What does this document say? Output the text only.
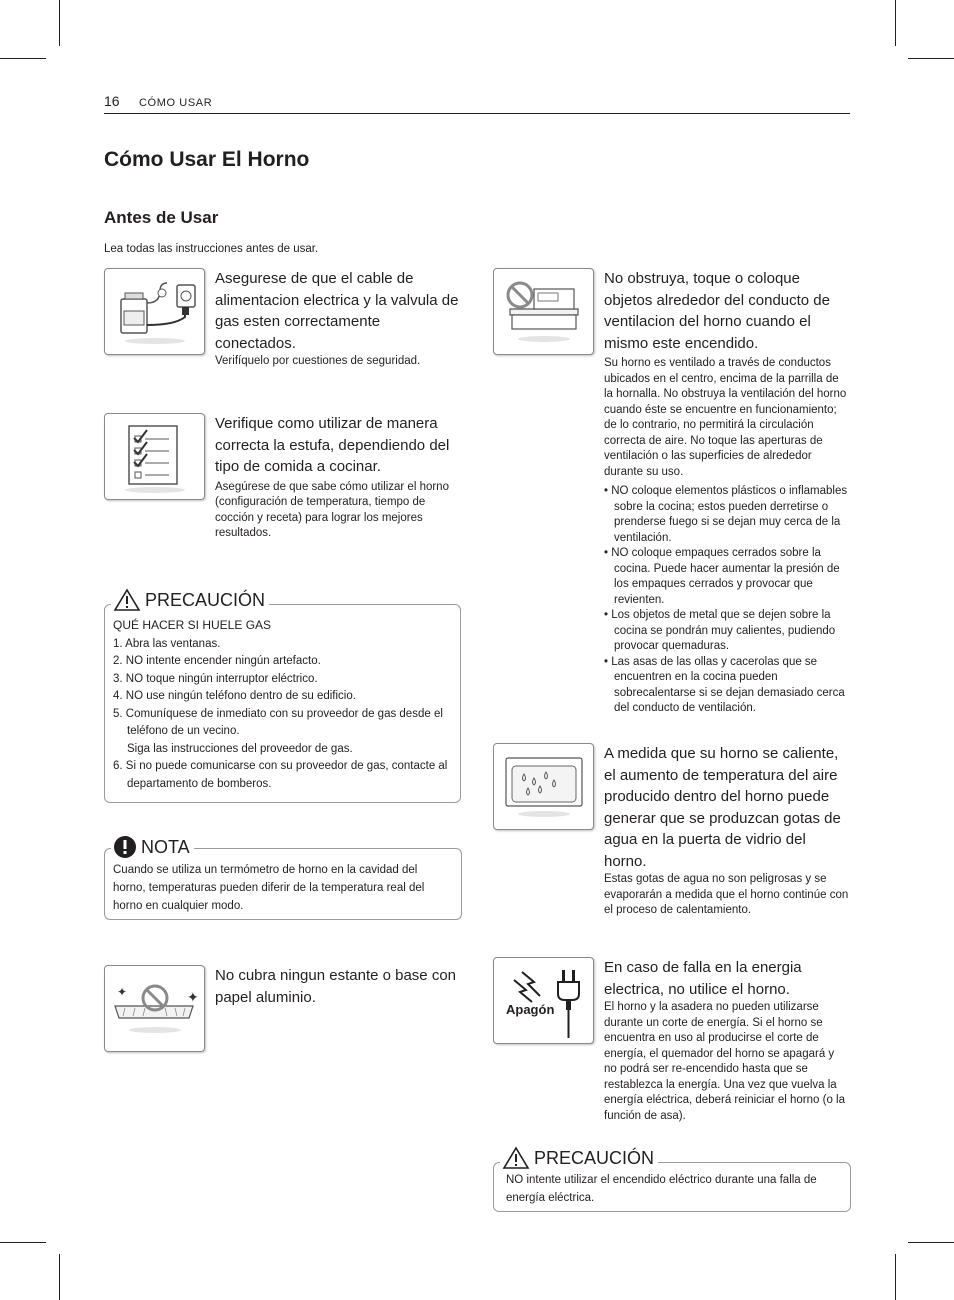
16 CÓMO USAR
Cómo Usar El Horno
Antes de Usar

Lea todas las instrucciones antes de usar.

Asegurese de que el cable de alimentacion electrica y la valvula de gas esten correctamente conectados.

Verifíquelo por cuestiones de seguridad.

Verifique como utilizar de manera correcta la estufa, dependiendo del tipo de comida a cocinar.

Asegúrese de que sabe cómo utilizar el horno (configuración de temperatura, tiempo de cocción y receta) para lograr los mejores resultados.

PRECAUCIÓN
QUÉ HACER SI HUELE GAS
1. Abra las ventanas.
2. NO intente encender ningún artefacto.
3. NO toque ningún interruptor eléctrico.
4. NO use ningún teléfono dentro de su edificio.
5. Comuníquese de inmediato con su proveedor de gas desde el teléfono de un vecino.
Siga las instrucciones del proveedor de gas.
6. Si no puede comunicarse con su proveedor de gas, contacte al departamento de bomberos.
NOTA
Cuando se utiliza un termómetro de horno en la cavidad del horno, temperaturas pueden diferir de la temperatura real del horno en cualquier modo.
✦	✦

No cubra ningun estante o base con papel aluminio.

No obstruya, toque o coloque objetos alrededor del conducto de ventilacion del horno cuando el mismo este encendido.

Su horno es ventilado a través de conductos ubicados en el centro, encima de la parrilla de la hornalla. No obstruya la ventilación del horno cuando éste se encuentre en funcionamiento; de lo contrario, no permitirá la circulación correcta de aire. No toque las aperturas de ventilación o las superficies de alrededor durante su uso.

• NO coloque elementos plásticos o inflamables sobre la cocina; estos pueden derretirse o prenderse fuego si se dejan muy cerca de la ventilación.
• NO coloque empaques cerrados sobre la cocina. Puede hacer aumentar la presión de los empaques cerrados y provocar que revienten.
• Los objetos de metal que se dejen sobre la cocina se pondrán muy calientes, pudiendo provocar quemaduras.
• Las asas de las ollas y cacerolas que se encuentren en la cocina pueden sobrecalentarse si se dejan demasiado cerca del conducto de ventilación.

A medida que su horno se caliente, el aumento de temperatura del aire producido dentro del horno puede generar que se produzcan gotas de agua en la puerta de vidrio del horno.

Estas gotas de agua no son peligrosas y se evaporarán a medida que el horno continúe con el proceso de calentamiento.

Apagón

En caso de falla en la energia electrica, no utilice el horno.

El horno y la asadera no pueden utilizarse durante un corte de energía. Si el horno se encuentra en uso al producirse el corte de energía, el quemador del horno se apagará y no podrá ser re-encendido hasta que se restablezca la energía. Una vez que vuelva la energía eléctrica, deberá reiniciar el horno (o la función de asa).

PRECAUCIÓN
NO intente utilizar el encendido eléctrico durante una falla de energía eléctrica.
